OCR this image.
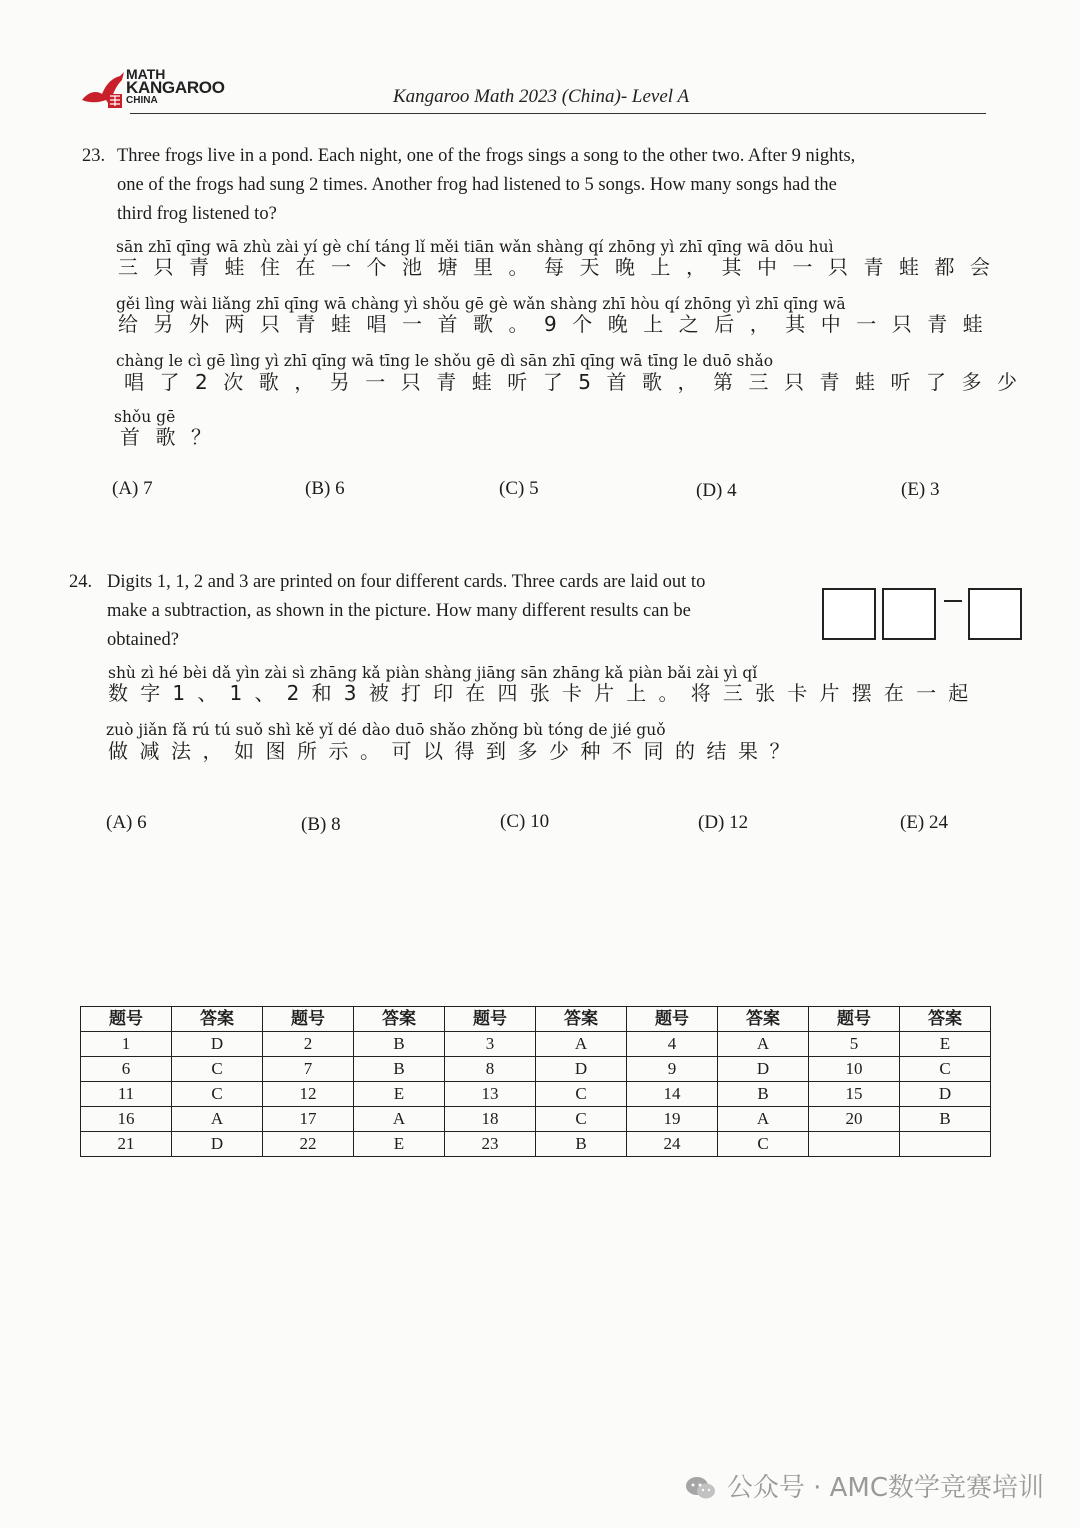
MATH
KANGAROO
CHINA	Kangaroo Math 2023 (China)- Level A
23. Three frogs live in a pond. Each night, one of the frogs sings a song to the other two. After 9 nights,
one of the frogs had sung 2 times. Another frog had listened to 5 songs. How many songs had the
third frog listened to?
sān zhī qīng wā zhù zài yí gè chí táng lǐ měi tiān wǎn shàng qí zhōng yì zhī qīng wā dōu huì
三只青蛙住在一个池塘里。每天晚上，其中一只青蛙都会
gěi lìng wài liǎng zhī qīng wā chàng yì shǒu gē gè wǎn shàng zhī hòu qí zhōng yì zhī qīng wā
给另外两只青蛙唱一首歌。9个晚上之后，其中一只青蛙
chàng le cì gē lìng yì zhī qīng wā tīng le shǒu gē dì sān zhī qīng wā tīng le duō shǎo
唱了2次歌，另一只青蛙听了5首歌，第三只青蛙听了多少
shǒu gē
首歌？
(A) 7	(B) 6	(C) 5	(D) 4	(E) 3
24. Digits 1, 1, 2 and 3 are printed on four different cards. Three cards are laid out to
make a subtraction, as shown in the picture. How many different results can be
obtained?
shù zì hé bèi dǎ yìn zài sì zhāng kǎ piàn shàng jiāng sān zhāng kǎ piàn bǎi zài yì qǐ
数字1、1、2和3被打印在四张卡片上。将三张卡片摆在一起
zuò jiǎn fǎ rú tú suǒ shì kě yǐ dé dào duō shǎo zhǒng bù tóng de jié guǒ
做减法，如图所示。可以得到多少种不同的结果？
(A) 6	(B) 8	(C) 10	(D) 12	(E) 24
题号	答案	题号	答案	题号	答案	题号	答案	题号	答案
1	D	2	B	3	A	4	A	5	E
6	C	7	B	8	D	9	D	10	C
11	C	12	E	13	C	14	B	15	D
16	A	17	A	18	C	19	A	20	B
21	D	22	E	23	B	24	C		
公众号 · AMC数学竞赛培训
